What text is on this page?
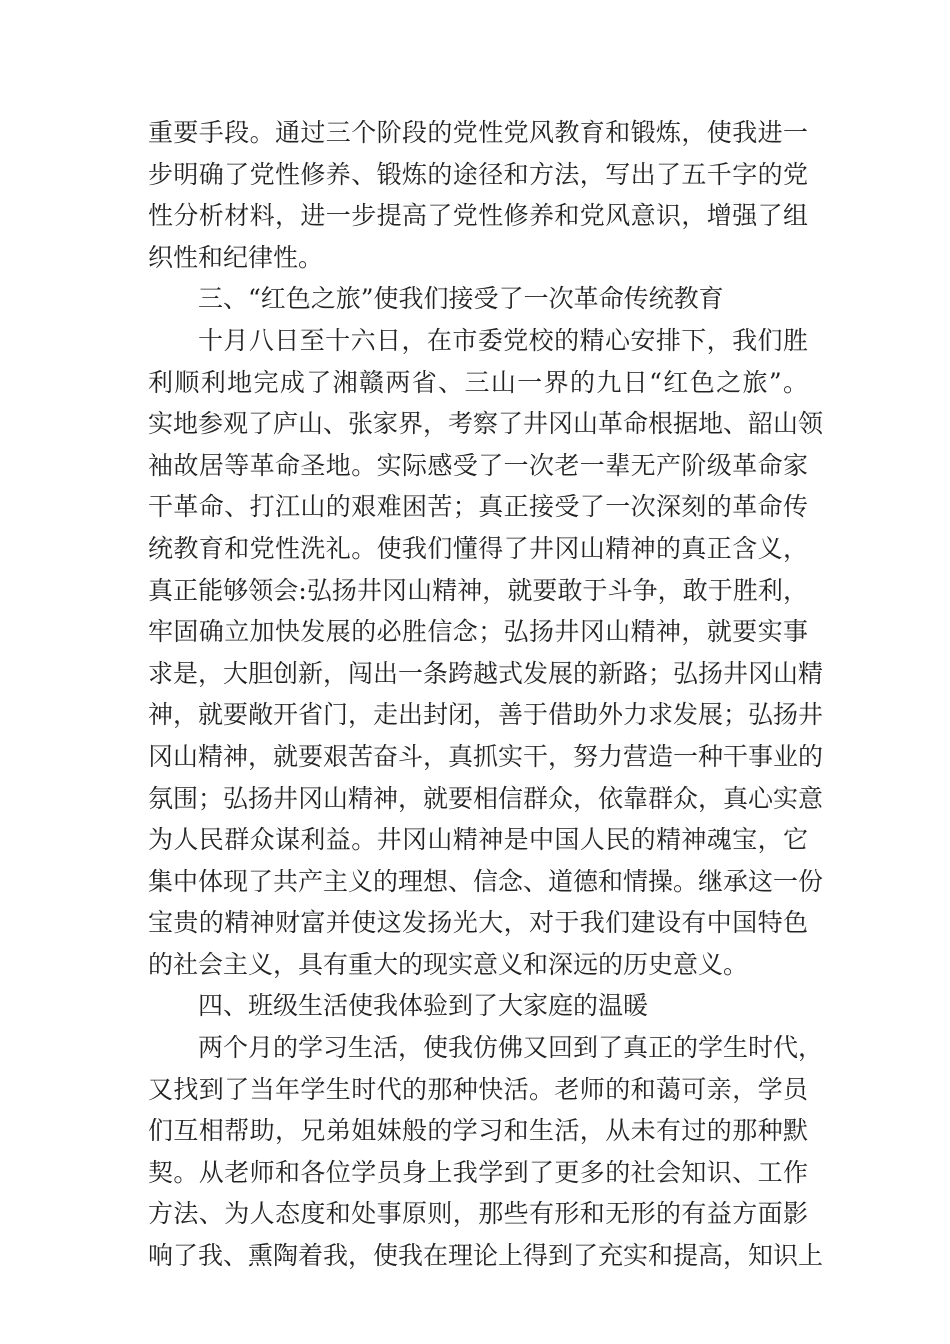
重要手段。通过三个阶段的党性党风教育和锻炼，使我进一
步明确了党性修养、锻炼的途径和方法，写出了五千字的党
性分析材料，进一步提高了党性修养和党风意识，增强了组
织性和纪律性。
三、“红色之旅”使我们接受了一次革命传统教育
十月八日至十六日，在市委党校的精心安排下，我们胜
利顺利地完成了湘赣两省、三山一界的九日“红色之旅”。
实地参观了庐山、张家界，考察了井冈山革命根据地、韶山领
袖故居等革命圣地。实际感受了一次老一辈无产阶级革命家
干革命、打江山的艰难困苦；真正接受了一次深刻的革命传
统教育和党性洗礼。使我们懂得了井冈山精神的真正含义，
真正能够领会:弘扬井冈山精神，就要敢于斗争，敢于胜利，
牢固确立加快发展的必胜信念；弘扬井冈山精神，就要实事
求是，大胆创新，闯出一条跨越式发展的新路；弘扬井冈山精
神，就要敞开省门，走出封闭，善于借助外力求发展；弘扬井
冈山精神，就要艰苦奋斗，真抓实干，努力营造一种干事业的
氛围；弘扬井冈山精神，就要相信群众，依靠群众，真心实意
为人民群众谋利益。井冈山精神是中国人民的精神魂宝，它
集中体现了共产主义的理想、信念、道德和情操。继承这一份
宝贵的精神财富并使这发扬光大，对于我们建设有中国特色
的社会主义，具有重大的现实意义和深远的历史意义。
四、班级生活使我体验到了大家庭的温暖
两个月的学习生活，使我仿佛又回到了真正的学生时代，
又找到了当年学生时代的那种快活。老师的和蔼可亲，学员
们互相帮助，兄弟姐妹般的学习和生活，从未有过的那种默
契。从老师和各位学员身上我学到了更多的社会知识、工作
方法、为人态度和处事原则，那些有形和无形的有益方面影
响了我、熏陶着我，使我在理论上得到了充实和提高，知识上
